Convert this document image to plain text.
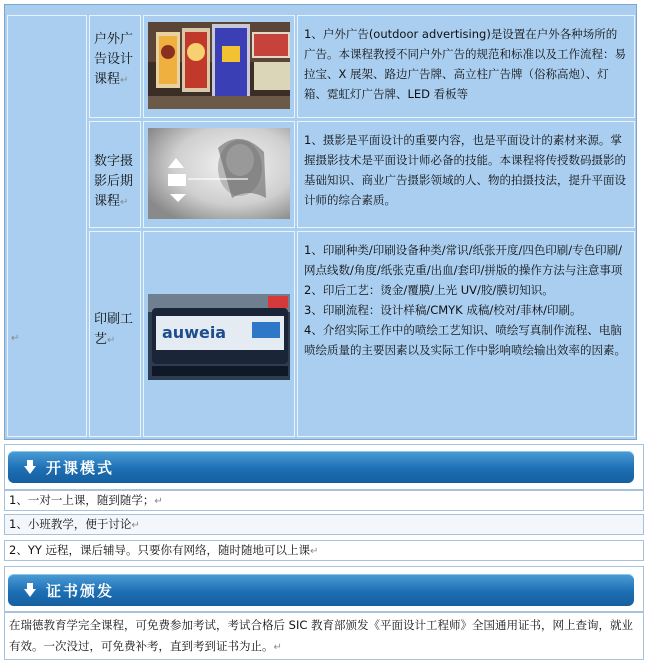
↵
户外广告设计课程↵

1、户外广告(outdoor advertising)是设置在户外各种场所的广告。本课程教授不同户外广告的规范和标准以及工作流程：易拉宝、X 展架、路边广告牌、高立柱广告牌（俗称高炮）、灯箱、霓虹灯广告牌、LED 看板等

数字摄影后期课程↵

1、摄影是平面设计的重要内容，也是平面设计的素材来源。掌握摄影技术是平面设计师必备的技能。本课程将传授数码摄影的基础知识、商业广告摄影领域的人、物的拍摄技法，提升平面设计师的综合素质。

印刷工艺↵	auweia

1、印刷种类/印刷设备种类/常识/纸张开度/四色印刷/专色印刷/网点线数/角度/纸张克重/出血/套印/拼版的操作方法与注意事项

2、印后工艺：烫金/覆膜/上光 UV/胶/膜切知识。

3、印刷流程：设计样稿/CMYK 成稿/校对/菲林/印刷。

4、介绍实际工作中的喷绘工艺知识、喷绘写真制作流程、电脑喷绘质量的主要因素以及实际工作中影响喷绘输出效率的因素。

开课模式
1、一对一上课，随到随学；↵
1、小班教学，便于讨论↵
2、YY 远程，课后辅导。只要你有网络，随时随地可以上课↵
证书颁发
在瑞德教育学完全课程，可免费参加考试，考试合格后 SIC 教育部颁发《平面设计工程师》全国通用证书，网上查询，就业有效。一次没过，可免费补考，直到考到证书为止。↵
